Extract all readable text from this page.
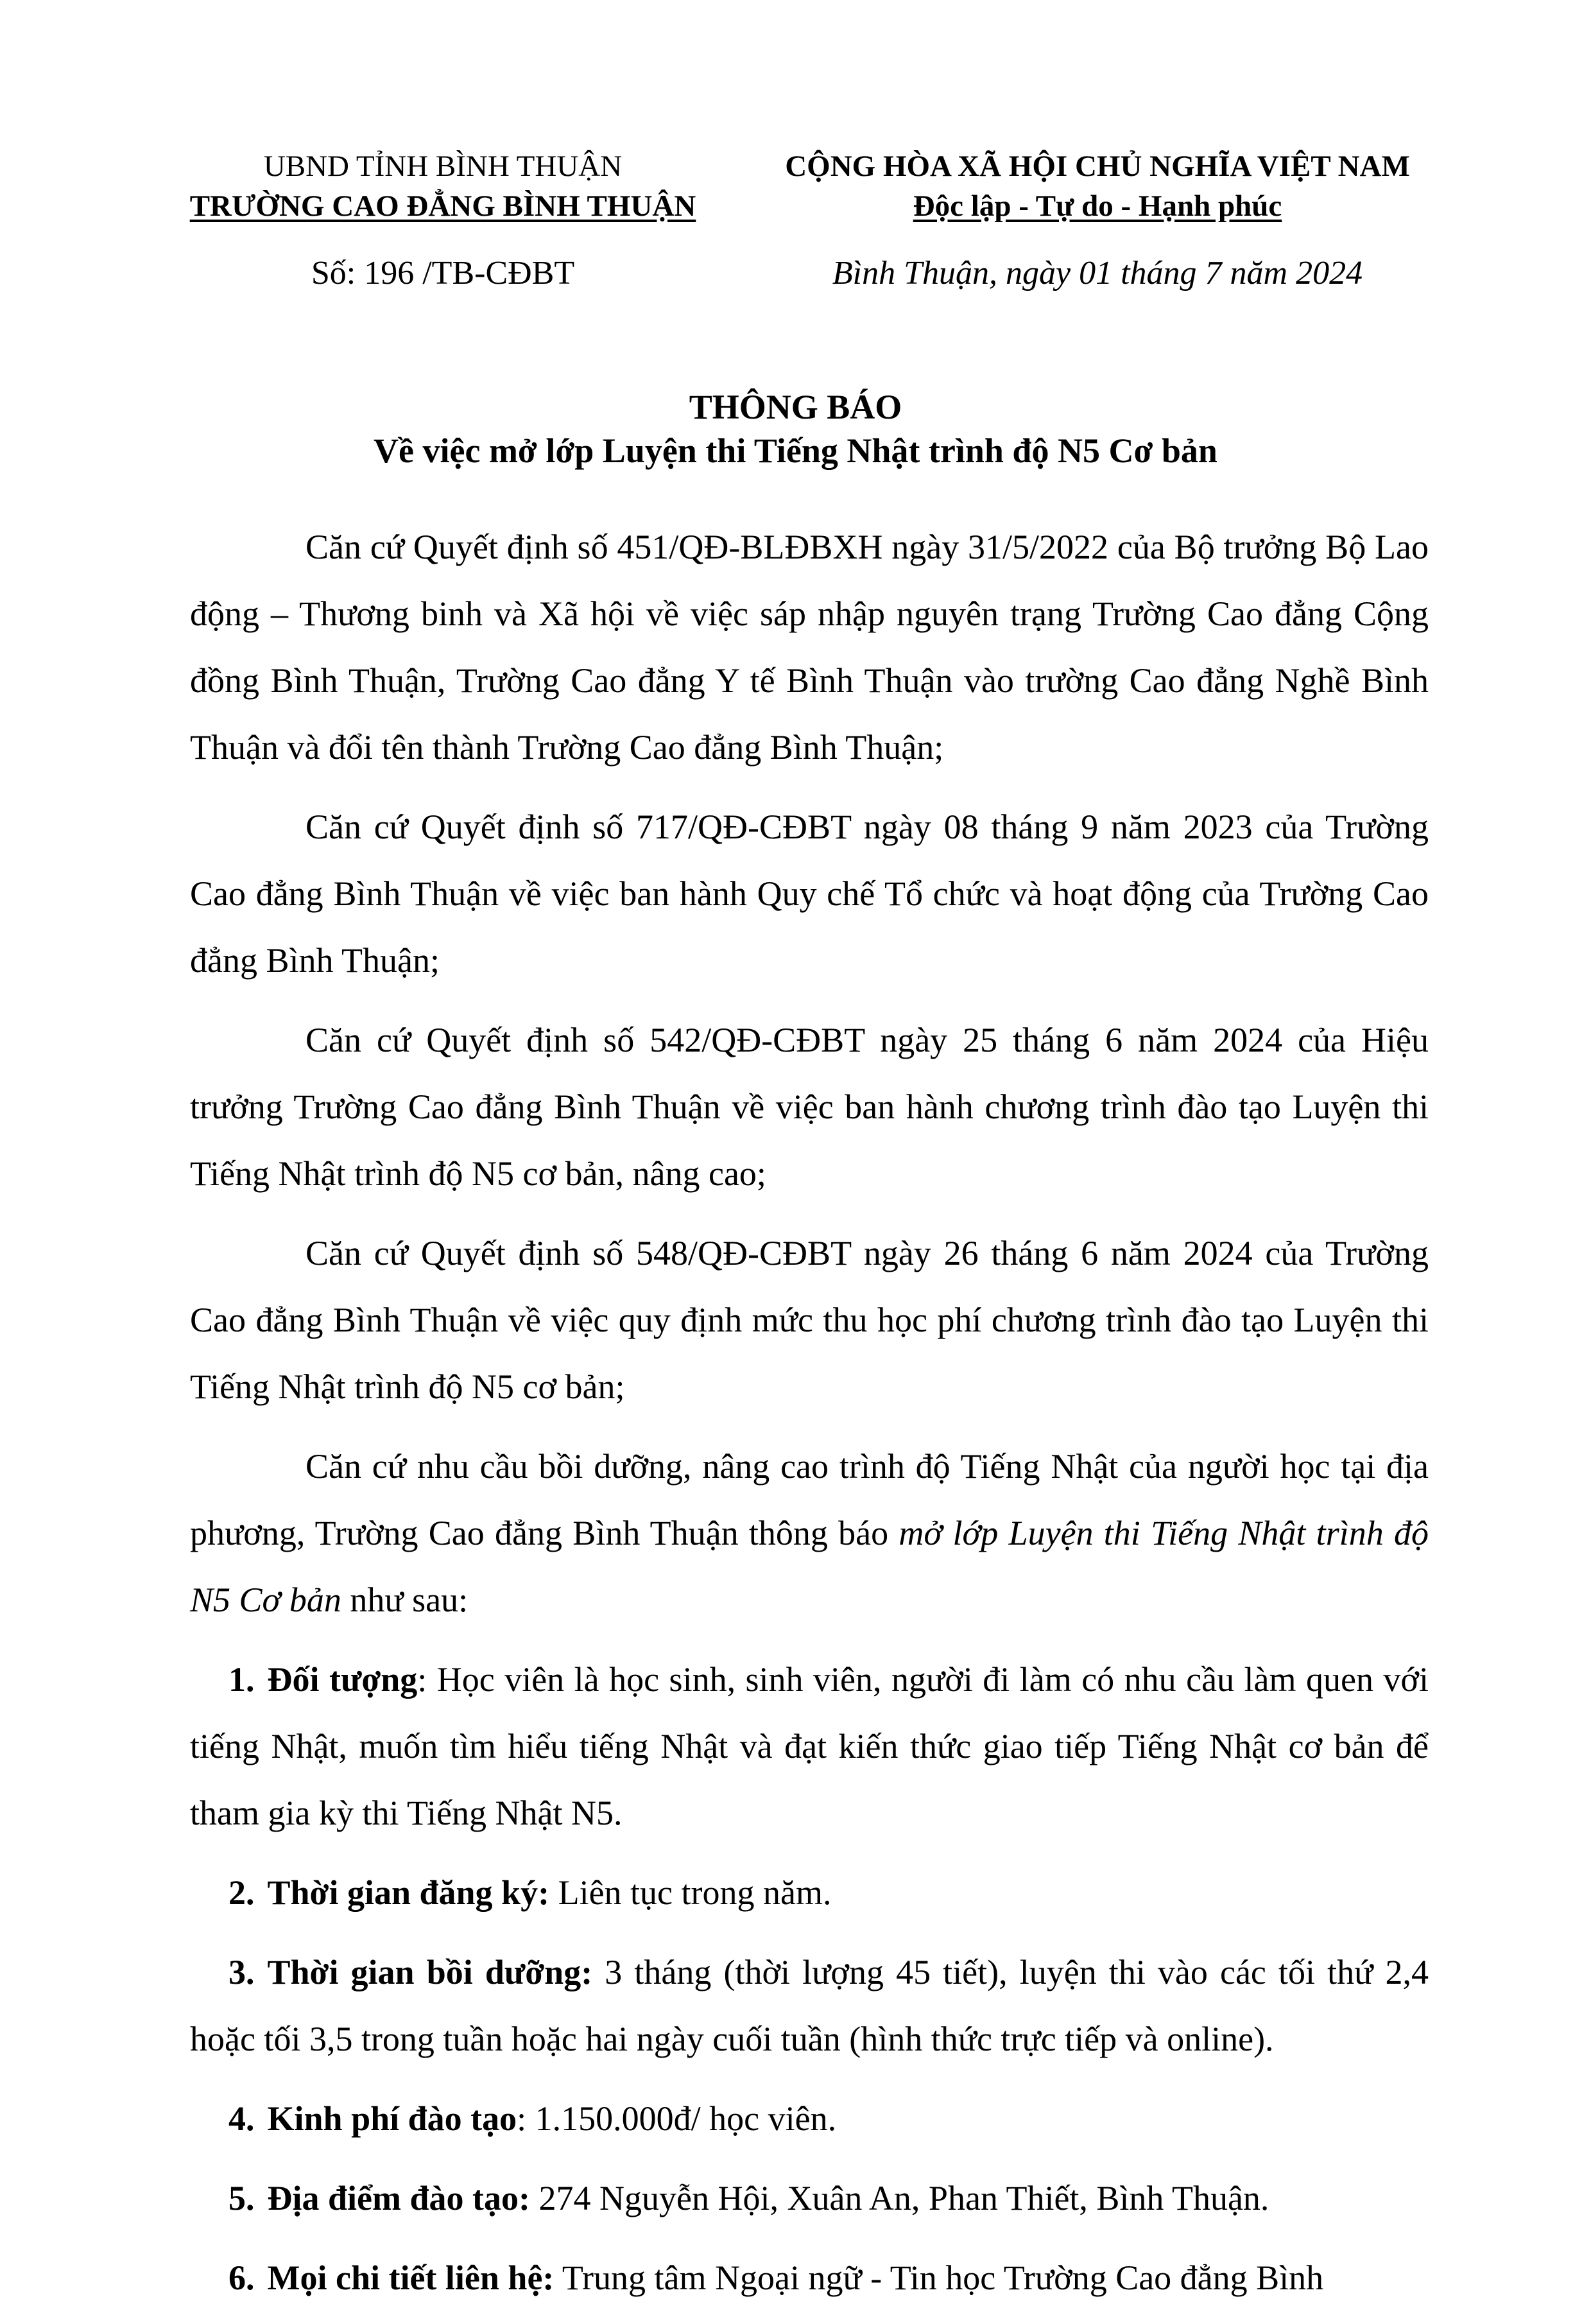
UBND TỈNH BÌNH THUẬN
TRƯỜNG CAO ĐẲNG BÌNH THUẬN
CỘNG HÒA XÃ HỘI CHỦ NGHĨA VIỆT NAM
Độc lập - Tự do - Hạnh phúc
Số: 196 /TB-CĐBT	Bình Thuận, ngày 01 tháng 7 năm 2024
THÔNG BÁO
Về việc mở lớp Luyện thi Tiếng Nhật trình độ N5 Cơ bản

Căn cứ Quyết định số 451/QĐ-BLĐBXH ngày 31/5/2022 của Bộ trưởng Bộ Lao động – Thương binh và Xã hội về việc sáp nhập nguyên trạng Trường Cao đẳng Cộng đồng Bình Thuận, Trường Cao đẳng Y tế Bình Thuận vào trường Cao đẳng Nghề Bình Thuận và đổi tên thành Trường Cao đẳng Bình Thuận;

Căn cứ Quyết định số 717/QĐ-CĐBT ngày 08 tháng 9 năm 2023 của Trường Cao đẳng Bình Thuận về việc ban hành Quy chế Tổ chức và hoạt động của Trường Cao đẳng Bình Thuận;

Căn cứ Quyết định số 542/QĐ-CĐBT ngày 25 tháng 6 năm 2024 của Hiệu trưởng Trường Cao đẳng Bình Thuận về việc ban hành chương trình đào tạo Luyện thi Tiếng Nhật trình độ N5 cơ bản, nâng cao;

Căn cứ Quyết định số 548/QĐ-CĐBT ngày 26 tháng 6 năm 2024 của Trường Cao đẳng Bình Thuận về việc quy định mức thu học phí chương trình đào tạo Luyện thi Tiếng Nhật trình độ N5 cơ bản;

Căn cứ nhu cầu bồi dưỡng, nâng cao trình độ Tiếng Nhật của người học tại địa phương, Trường Cao đẳng Bình Thuận thông báo mở lớp Luyện thi Tiếng Nhật trình độ N5 Cơ bản như sau:

1. Đối tượng: Học viên là học sinh, sinh viên, người đi làm có nhu cầu làm quen với tiếng Nhật, muốn tìm hiểu tiếng Nhật và đạt kiến thức giao tiếp Tiếng Nhật cơ bản để tham gia kỳ thi Tiếng Nhật N5.
2. Thời gian đăng ký: Liên tục trong năm.
3. Thời gian bồi dưỡng: 3 tháng (thời lượng 45 tiết), luyện thi vào các tối thứ 2,4 hoặc tối 3,5 trong tuần hoặc hai ngày cuối tuần (hình thức trực tiếp và online).
4. Kinh phí đào tạo: 1.150.000đ/ học viên.
5. Địa điểm đào tạo: 274 Nguyễn Hội, Xuân An, Phan Thiết, Bình Thuận.
6. Mọi chi tiết liên hệ: Trung tâm Ngoại ngữ - Tin học Trường Cao đẳng Bình
